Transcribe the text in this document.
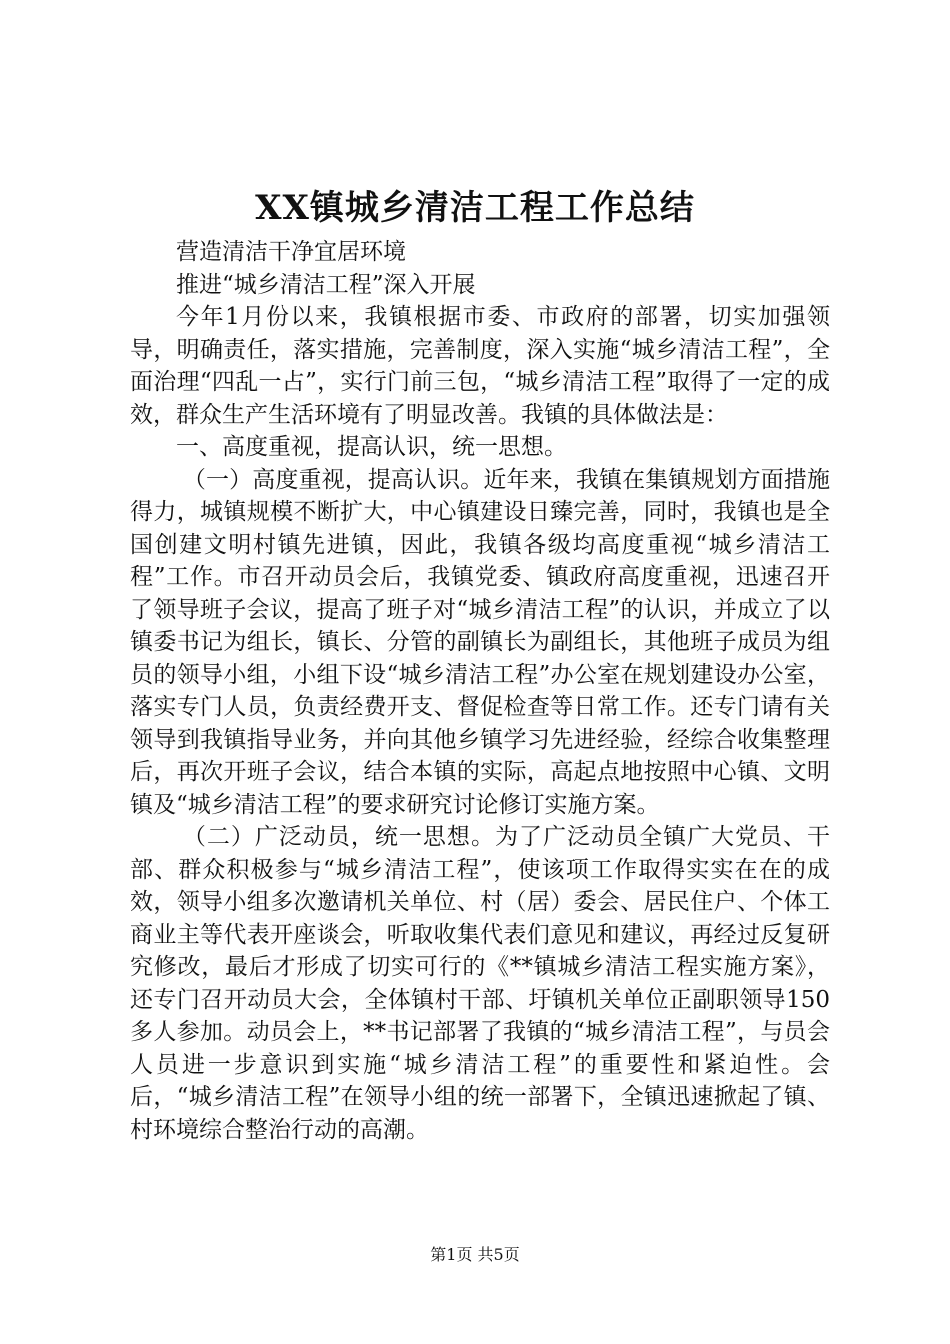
XX镇城乡清洁工程工作总结

营造清洁干净宜居环境

推进“城乡清洁工程”深入开展

今年1月份以来，我镇根据市委、市政府的部署，切实加强领导，明确责任，落实措施，完善制度，深入实施“城乡清洁工程”，全面治理“四乱一占”，实行门前三包，“城乡清洁工程”取得了一定的成效，群众生产生活环境有了明显改善。我镇的具体做法是：

一、高度重视，提高认识，统一思想。

（一）高度重视，提高认识。近年来，我镇在集镇规划方面措施得力，城镇规模不断扩大，中心镇建设日臻完善，同时，我镇也是全国创建文明村镇先进镇，因此，我镇各级均高度重视“城乡清洁工程”工作。市召开动员会后，我镇党委、镇政府高度重视，迅速召开了领导班子会议，提高了班子对“城乡清洁工程”的认识，并成立了以镇委书记为组长，镇长、分管的副镇长为副组长，其他班子成员为组员的领导小组，小组下设“城乡清洁工程”办公室在规划建设办公室，落实专门人员，负责经费开支、督促检查等日常工作。还专门请有关领导到我镇指导业务，并向其他乡镇学习先进经验，经综合收集整理后，再次开班子会议，结合本镇的实际，高起点地按照中心镇、文明镇及“城乡清洁工程”的要求研究讨论修订实施方案。

（二）广泛动员，统一思想。为了广泛动员全镇广大党员、干部、群众积极参与“城乡清洁工程”，使该项工作取得实实在在的成效，领导小组多次邀请机关单位、村（居）委会、居民住户、个体工商业主等代表开座谈会，听取收集代表们意见和建议，再经过反复研究修改，最后才形成了切实可行的《**镇城乡清洁工程实施方案》，还专门召开动员大会，全体镇村干部、圩镇机关单位正副职领导150多人参加。动员会上，**书记部署了我镇的“城乡清洁工程”，与员会人员进一步意识到实施“城乡清洁工程”的重要性和紧迫性。会后，“城乡清洁工程”在领导小组的统一部署下，全镇迅速掀起了镇、村环境综合整治行动的高潮。

第1页 共5页
